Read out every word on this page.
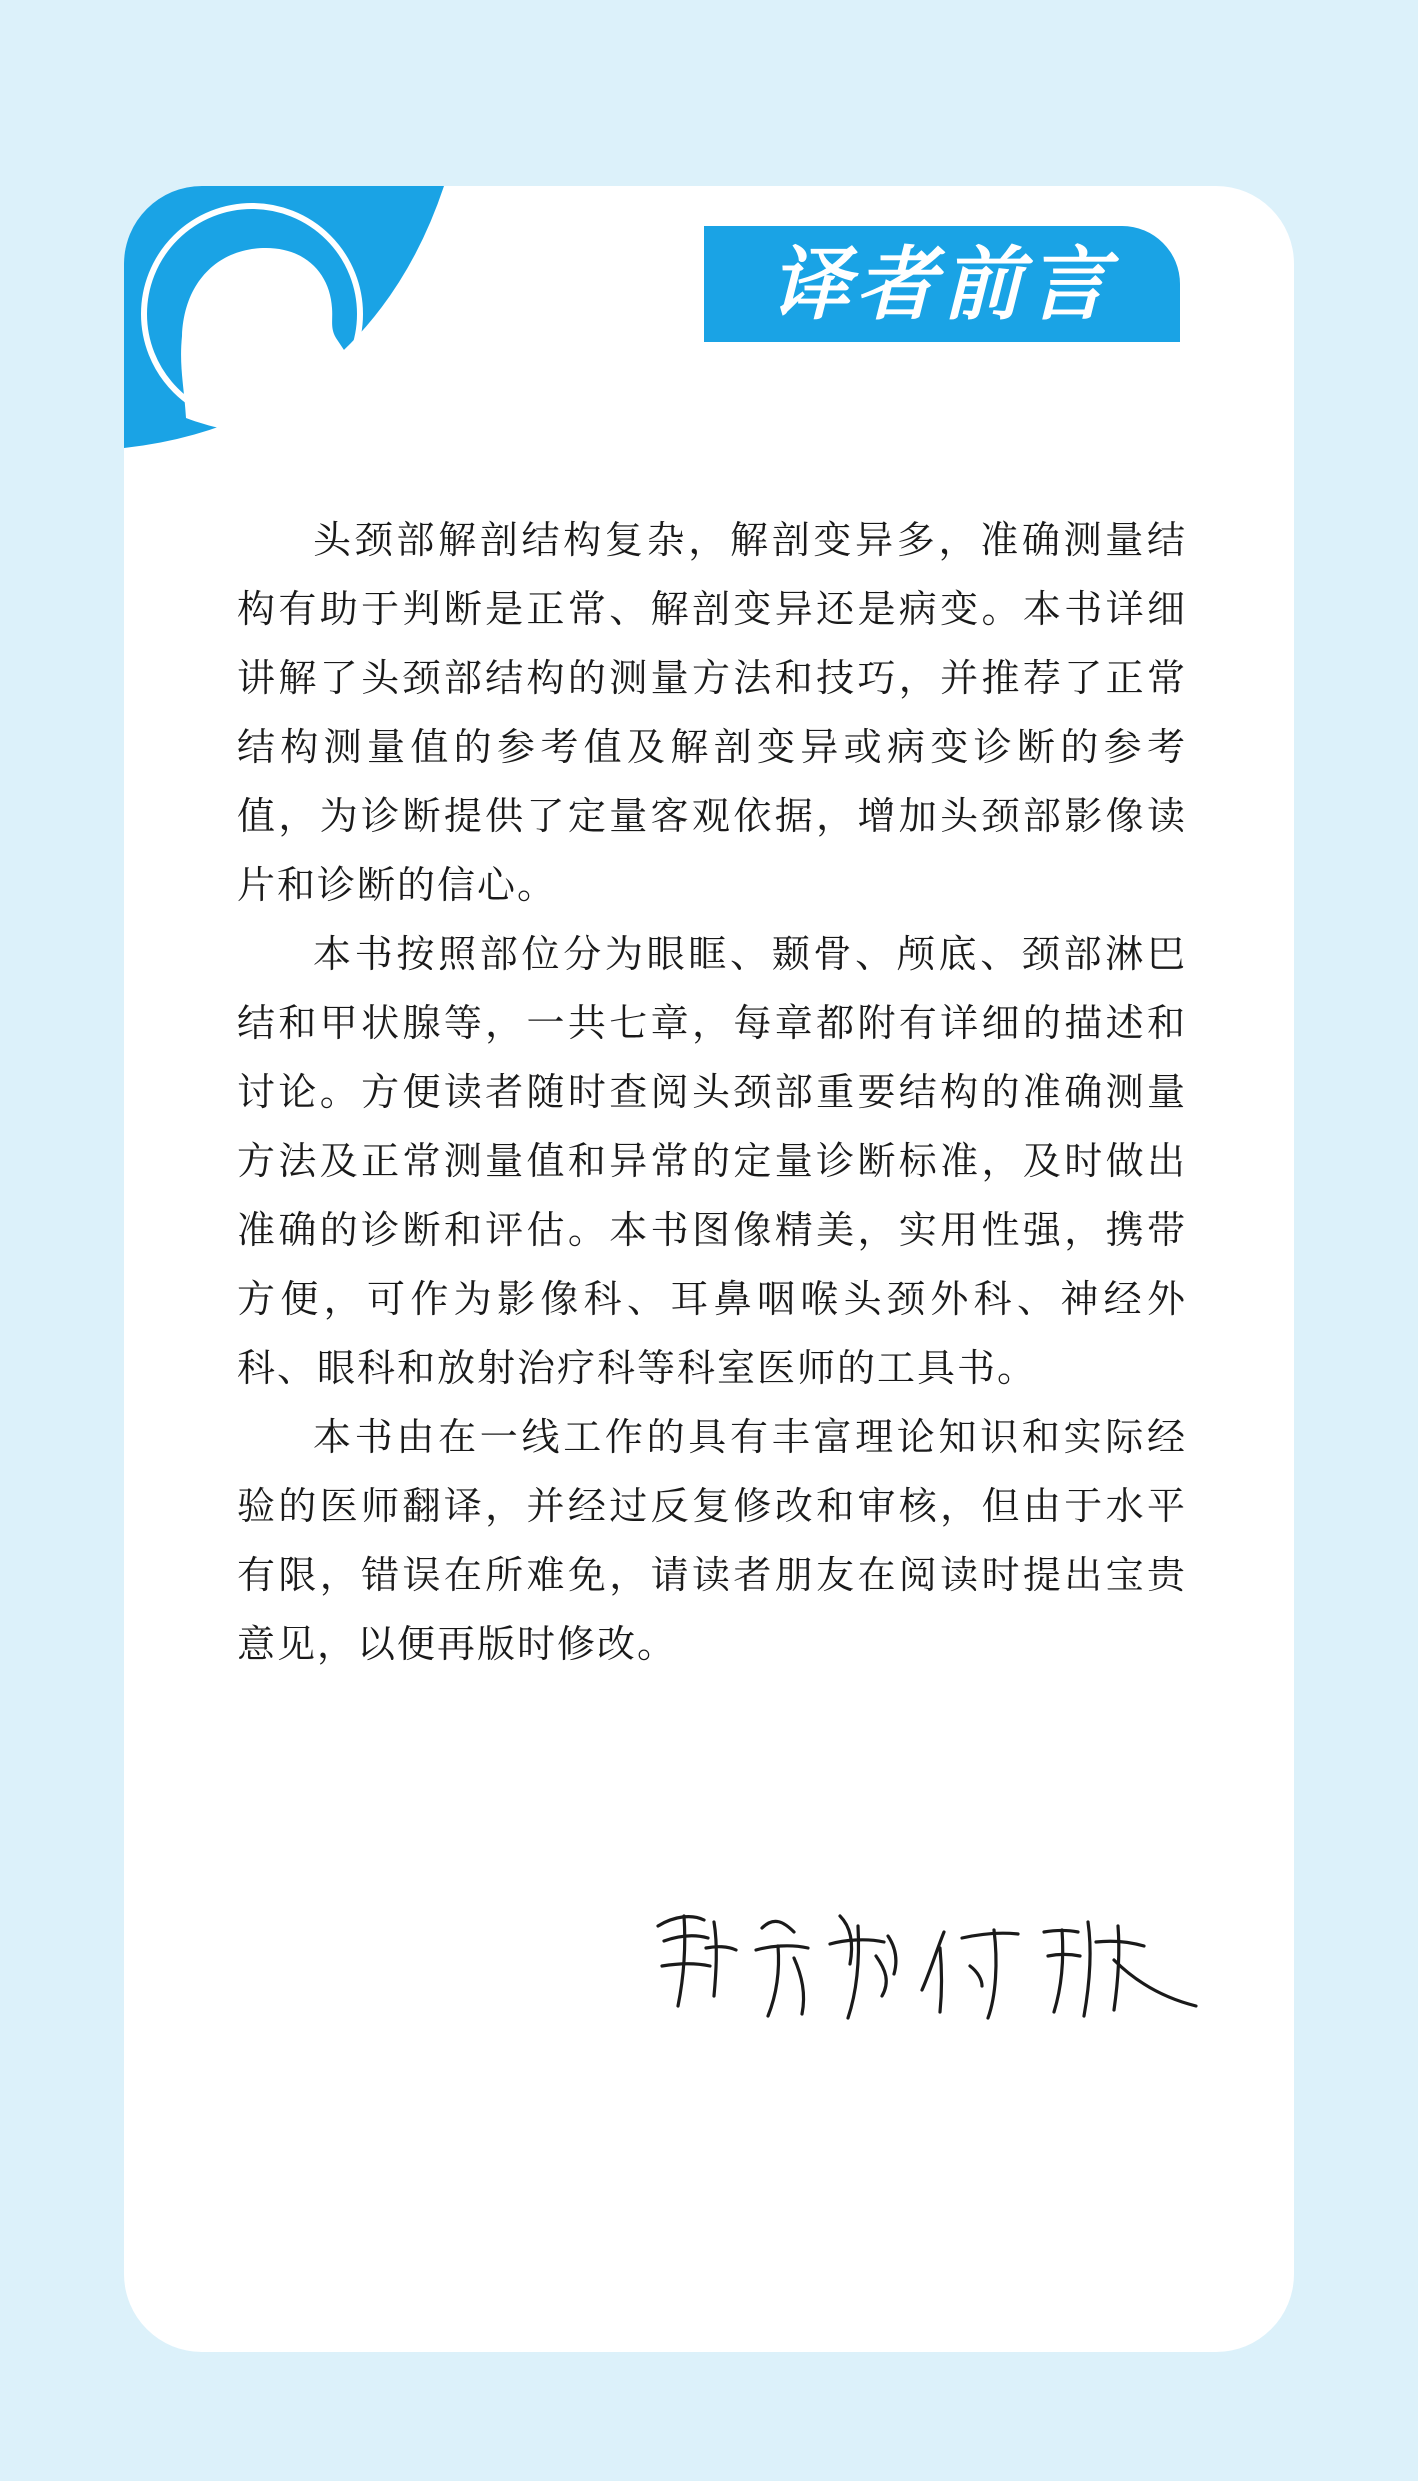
译者前言

头颈部解剖结构复杂，解剖变异多，准确测量结构有助于判断是正常、解剖变异还是病变。本书详细讲解了头颈部结构的测量方法和技巧，并推荐了正常结构测量值的参考值及解剖变异或病变诊断的参考值，为诊断提供了定量客观依据，增加头颈部影像读片和诊断的信心。

本书按照部位分为眼眶、颞骨、颅底、颈部淋巴结和甲状腺等，一共七章，每章都附有详细的描述和讨论。方便读者随时查阅头颈部重要结构的准确测量方法及正常测量值和异常的定量诊断标准，及时做出准确的诊断和评估。本书图像精美，实用性强，携带方便，可作为影像科、耳鼻咽喉头颈外科、神经外科、眼科和放射治疗科等科室医师的工具书。

本书由在一线工作的具有丰富理论知识和实际经验的医师翻译，并经过反复修改和审核，但由于水平有限，错误在所难免，请读者朋友在阅读时提出宝贵意见，以便再版时修改。
